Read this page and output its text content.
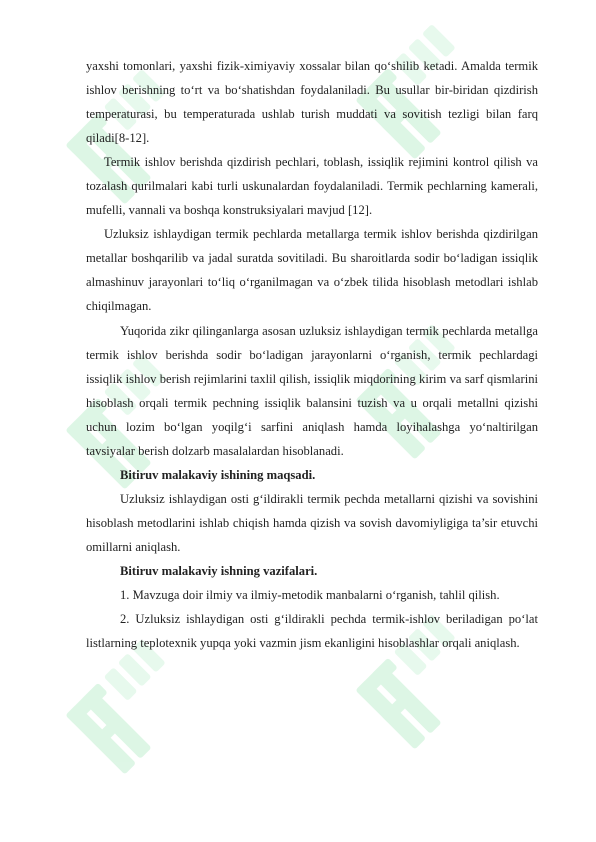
yaxshi tomonlari, yaxshi fizik-ximiyaviy xossalar bilan qo‘shilib ketadi. Amalda termik ishlov berishning to‘rt va bo‘shatishdan foydalaniladi. Bu usullar bir-biridan qizdirish temperaturasi, bu temperaturada ushlab turish muddati va sovitish tezligi bilan farq qiladi[8-12].

Termik ishlov berishda qizdirish pechlari, toblash, issiqlik rejimini kontrol qilish va tozalash qurilmalari kabi turli uskunalardan foydalaniladi. Termik pechlarning kamerali, mufelli, vannali va boshqa konstruksiyalari mavjud [12].

Uzluksiz ishlaydigan termik pechlarda metallarga termik ishlov berishda qizdirilgan metallar boshqarilib va jadal suratda sovitiladi. Bu sharoitlarda sodir bo‘ladigan issiqlik almashinuv jarayonlari to‘liq o‘rganilmagan va o‘zbek tilida hisoblash metodlari ishlab chiqilmagan.

Yuqorida zikr qilinganlarga asosan uzluksiz ishlaydigan termik pechlarda metallga termik ishlov berishda sodir bo‘ladigan jarayonlarni o‘rganish, termik pechlardagi issiqlik ishlov berish rejimlarini taxlil qilish, issiqlik miqdorining kirim va sarf qismlarini hisoblash orqali termik pechning issiqlik balansini tuzish va u orqali metallni qizishi uchun lozim bo‘lgan yoqilg‘i sarfini aniqlash hamda loyihalashga yo‘naltirilgan tavsiyalar berish dolzarb masalalardan hisoblanadi.

Bitiruv malakaviy ishining maqsadi.

Uzluksiz ishlaydigan osti g‘ildirakli termik pechda metallarni qizishi va sovishini hisoblash metodlarini ishlab chiqish hamda qizish va sovish davomiyligiga ta’sir etuvchi omillarni aniqlash.

Bitiruv malakaviy ishning vazifalari.

1. Mavzuga doir ilmiy va ilmiy-metodik manbalarni o‘rganish, tahlil qilish.

2. Uzluksiz ishlaydigan osti g‘ildirakli pechda termik-ishlov beriladigan po‘lat listlarning teplotexnik yupqa yoki vazmin jism ekanligini hisoblashlar orqali aniqlash.
